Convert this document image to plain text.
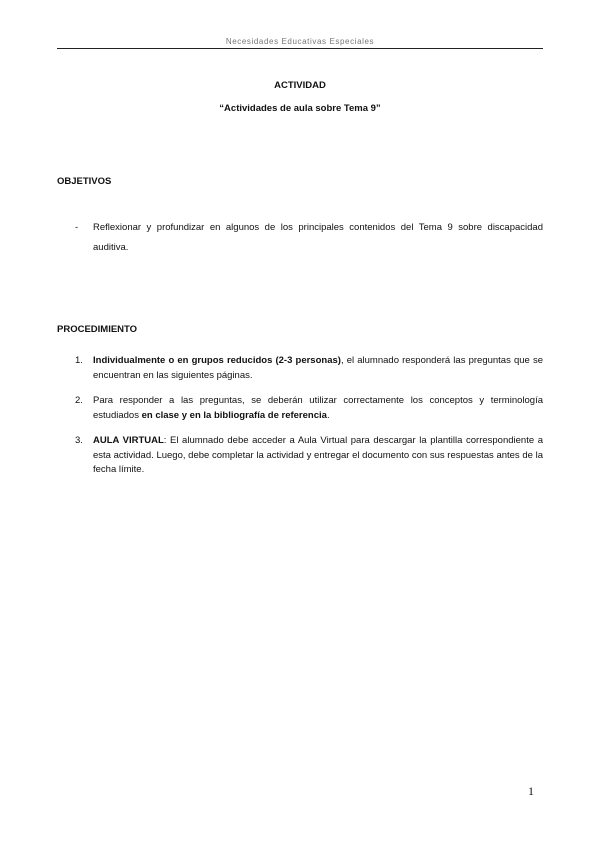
Necesidades Educativas Especiales
ACTIVIDAD
“Actividades de aula sobre Tema 9”
OBJETIVOS
- Reflexionar y profundizar en algunos de los principales contenidos del Tema 9 sobre discapacidad auditiva.
PROCEDIMIENTO
1. Individualmente o en grupos reducidos (2-3 personas), el alumnado responderá las preguntas que se encuentran en las siguientes páginas.
2. Para responder a las preguntas, se deberán utilizar correctamente los conceptos y terminología estudiados en clase y en la bibliografía de referencia.
3. AULA VIRTUAL: El alumnado debe acceder a Aula Virtual para descargar la plantilla correspondiente a esta actividad. Luego, debe completar la actividad y entregar el documento con sus respuestas antes de la fecha límite.
1
